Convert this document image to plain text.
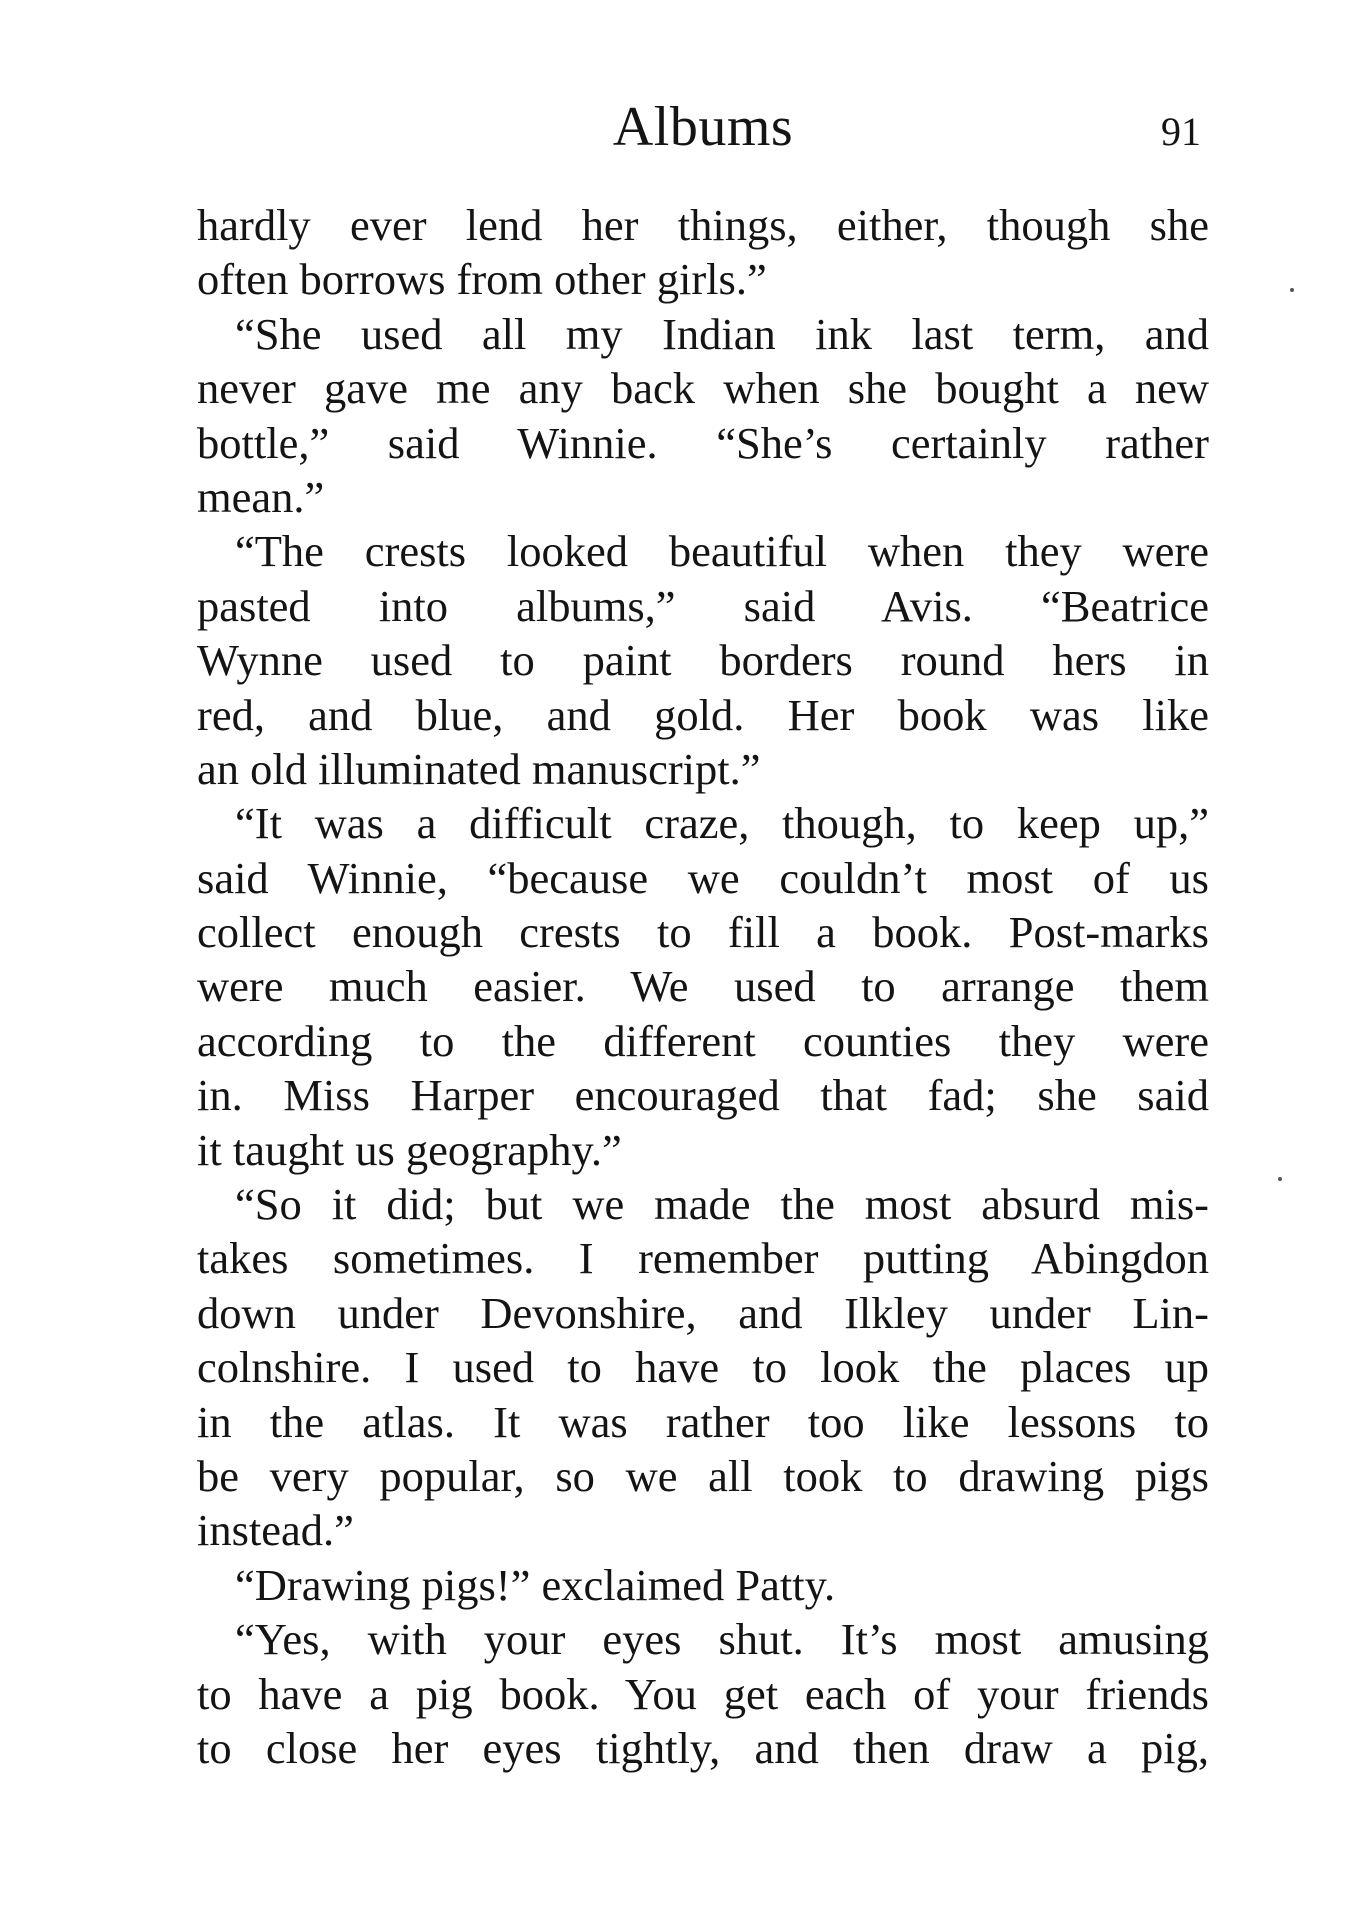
Albums	91
hardly ever lend her things, either, though she
often borrows from other girls.”
“She used all my Indian ink last term, and
never gave me any back when she bought a new
bottle,” said Winnie. “She’s certainly rather
mean.”
“The crests looked beautiful when they were
pasted into albums,” said Avis. “Beatrice
Wynne used to paint borders round hers in
red, and blue, and gold. Her book was like
an old illuminated manuscript.”
“It was a difficult craze, though, to keep up,”
said Winnie, “because we couldn’t most of us
collect enough crests to fill a book. Post-marks
were much easier. We used to arrange them
according to the different counties they were
in. Miss Harper encouraged that fad; she said
it taught us geography.”
“So it did; but we made the most absurd mis-
takes sometimes. I remember putting Abingdon
down under Devonshire, and Ilkley under Lin-
colnshire. I used to have to look the places up
in the atlas. It was rather too like lessons to
be very popular, so we all took to drawing pigs
instead.”
“Drawing pigs!” exclaimed Patty.
“Yes, with your eyes shut. It’s most amusing
to have a pig book. You get each of your friends
to close her eyes tightly, and then draw a pig,
